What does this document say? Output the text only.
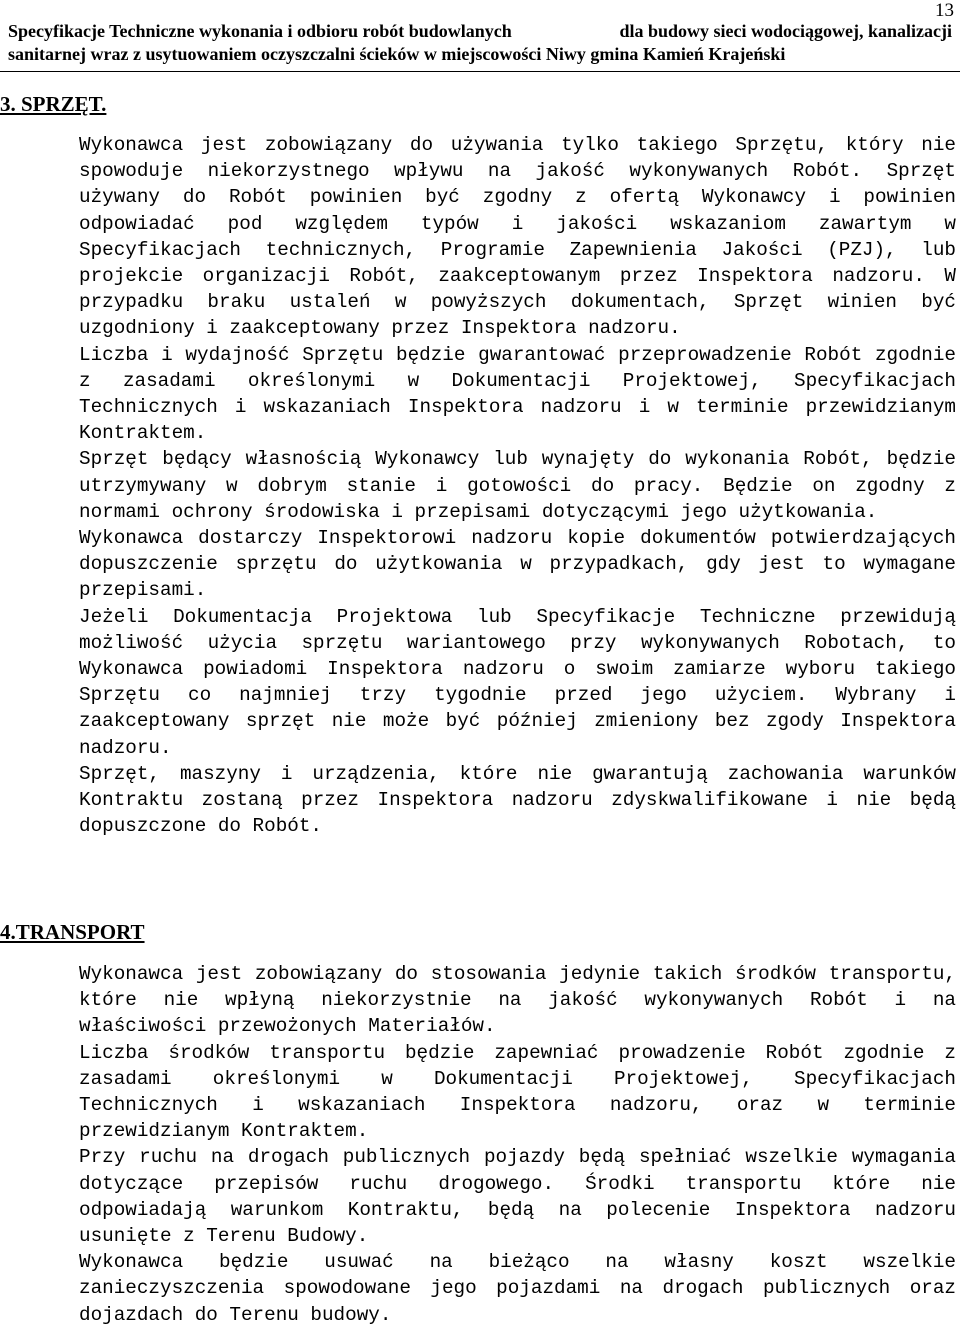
13
Specyfikacje Techniczne wykonania i odbioru robót budowlanych	dla budowy sieci wodociągowej, kanalizacji
sanitarnej wraz z usytuowaniem oczyszczalni ścieków w miejscowości Niwy gmina Kamień Krajeński
3. SPRZĘT.

Wykonawca jest zobowiązany do używania tylko takiego Sprzętu, który nie spowoduje niekorzystnego wpływu na jakość wykonywanych Robót. Sprzęt używany do Robót powinien być zgodny z ofertą Wykonawcy i powinien odpowiadać pod względem typów i jakości wskazaniom zawartym w Specyfikacjach technicznych, Programie Zapewnienia Jakości (PZJ), lub projekcie organizacji Robót, zaakceptowanym przez Inspektora nadzoru. W przypadku braku ustaleń w powyższych dokumentach, Sprzęt winien być uzgodniony i zaakceptowany przez Inspektora nadzoru.

Liczba i wydajność Sprzętu będzie gwarantować przeprowadzenie Robót zgodnie z zasadami określonymi w Dokumentacji Projektowej, Specyfikacjach Technicznych i wskazaniach Inspektora nadzoru i w terminie przewidzianym Kontraktem.

Sprzęt będący własnością Wykonawcy lub wynajęty do wykonania Robót, będzie utrzymywany w dobrym stanie i gotowości do pracy. Będzie on zgodny z normami ochrony środowiska i przepisami dotyczącymi jego użytkowania.

Wykonawca dostarczy Inspektorowi nadzoru kopie dokumentów potwierdzających dopuszczenie sprzętu do użytkowania w przypadkach, gdy jest to wymagane przepisami.

Jeżeli Dokumentacja Projektowa lub Specyfikacje Techniczne przewidują możliwość użycia sprzętu wariantowego przy wykonywanych Robotach, to Wykonawca powiadomi Inspektora nadzoru o swoim zamiarze wyboru takiego Sprzętu co najmniej trzy tygodnie przed jego użyciem. Wybrany i zaakceptowany sprzęt nie może być później zmieniony bez zgody Inspektora nadzoru.

Sprzęt, maszyny i urządzenia, które nie gwarantują zachowania warunków Kontraktu zostaną przez Inspektora nadzoru zdyskwalifikowane i nie będą dopuszczone do Robót.

4.TRANSPORT

Wykonawca jest zobowiązany do stosowania jedynie takich środków transportu, które nie wpłyną niekorzystnie na jakość wykonywanych Robót i na właściwości przewożonych Materiałów.

Liczba środków transportu będzie zapewniać prowadzenie Robót zgodnie z zasadami określonymi w Dokumentacji Projektowej, Specyfikacjach Technicznych i wskazaniach Inspektora nadzoru, oraz w terminie przewidzianym Kontraktem.

Przy ruchu na drogach publicznych pojazdy będą spełniać wszelkie wymagania dotyczące przepisów ruchu drogowego. Środki transportu które nie odpowiadają warunkom Kontraktu, będą na polecenie Inspektora nadzoru usunięte z Terenu Budowy.

Wykonawca będzie usuwać na bieżąco na własny koszt wszelkie zanieczyszczenia spowodowane jego pojazdami na drogach publicznych oraz dojazdach do Terenu budowy.
